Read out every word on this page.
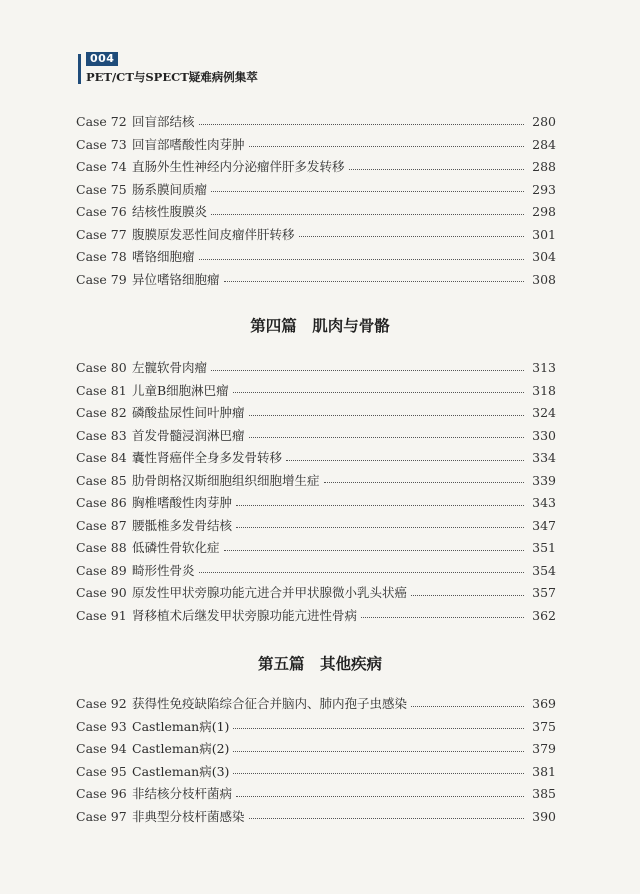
004
PET/CT与SPECT疑难病例集萃
Case 72 回盲部结核	280
Case 73 回盲部嗜酸性肉芽肿	284
Case 74 直肠外生性神经内分泌瘤伴肝多发转移	288
Case 75 肠系膜间质瘤	293
Case 76 结核性腹膜炎	298
Case 77 腹膜原发恶性间皮瘤伴肝转移	301
Case 78 嗜铬细胞瘤	304
Case 79 异位嗜铬细胞瘤	308
第四篇　肌肉与骨骼
Case 80 左髋软骨肉瘤	313
Case 81 儿童B细胞淋巴瘤	318
Case 82 磷酸盐尿性间叶肿瘤	324
Case 83 首发骨髓浸润淋巴瘤	330
Case 84 囊性肾癌伴全身多发骨转移	334
Case 85 肋骨朗格汉斯细胞组织细胞增生症	339
Case 86 胸椎嗜酸性肉芽肿	343
Case 87 腰骶椎多发骨结核	347
Case 88 低磷性骨软化症	351
Case 89 畸形性骨炎	354
Case 90 原发性甲状旁腺功能亢进合并甲状腺微小乳头状癌	357
Case 91 肾移植术后继发甲状旁腺功能亢进性骨病	362
第五篇　其他疾病
Case 92 获得性免疫缺陷综合征合并脑内、肺内孢子虫感染	369
Case 93 Castleman病(1)	375
Case 94 Castleman病(2)	379
Case 95 Castleman病(3)	381
Case 96 非结核分枝杆菌病	385
Case 97 非典型分枝杆菌感染	390
